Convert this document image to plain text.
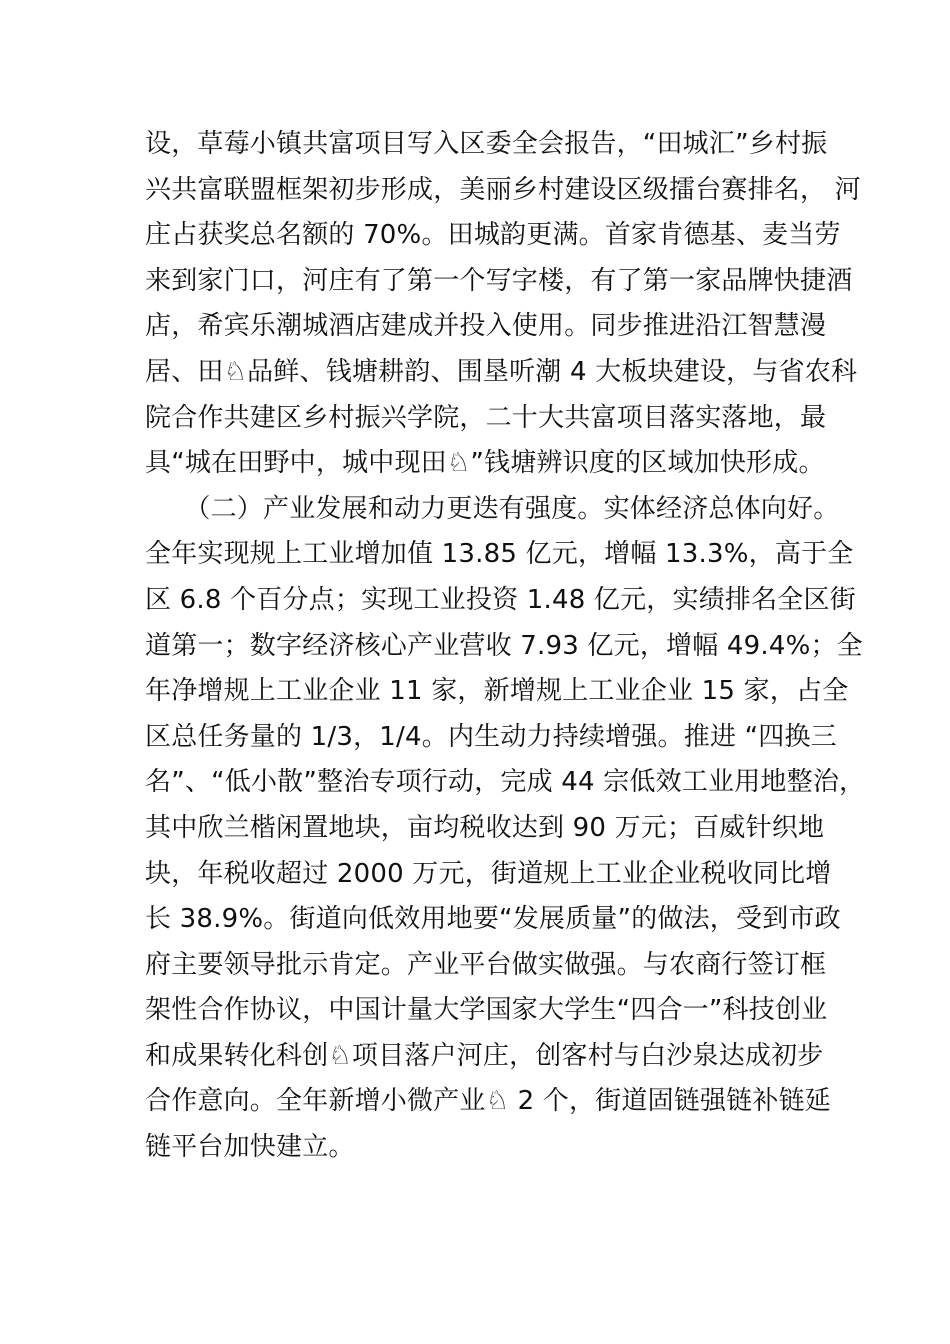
设，草莓小镇共富项目写入区委全会报告，“田城汇”乡村振
兴共富联盟框架初步形成，美丽乡村建设区级擂台赛排名， 河
庄占获奖总名额的 70%。田城韵更满。首家肯德基、麦当劳
来到家门口，河庄有了第一个写字楼，有了第一家品牌快捷酒
店，希宾乐潮城酒店建成并投入使用。同步推进沿江智慧漫
居、田♘品鲜、钱塘耕韵、围垦听潮 4 大板块建设，与省农科
院合作共建区乡村振兴学院，二十大共富项目落实落地，最
具“城在田野中，城中现田♘”钱塘辨识度的区域加快形成。
　　（二）产业发展和动力更迭有强度。实体经济总体向好。
全年实现规上工业增加值 13.85 亿元，增幅 13.3%，高于全
区 6.8 个百分点；实现工业投资 1.48 亿元，实绩排名全区街
道第一；数字经济核心产业营收 7.93 亿元，增幅 49.4%；全
年净增规上工业企业 11 家，新增规上工业企业 15 家，占全
区总任务量的 1/3，1/4。内生动力持续增强。推进 “四换三
名”、“低小散”整治专项行动，完成 44 宗低效工业用地整治，
其中欣兰楷闲置地块，亩均税收达到 90 万元；百威针织地
块，年税收超过 2000 万元，街道规上工业企业税收同比增
长 38.9%。街道向低效用地要“发展质量”的做法，受到市政
府主要领导批示肯定。产业平台做实做强。与农商行签订框
架性合作协议，中国计量大学国家大学生“四合一”科技创业
和成果转化科创♘项目落户河庄，创客村与白沙泉达成初步
合作意向。全年新增小微产业♘ 2 个，街道固链强链补链延
链平台加快建立。
